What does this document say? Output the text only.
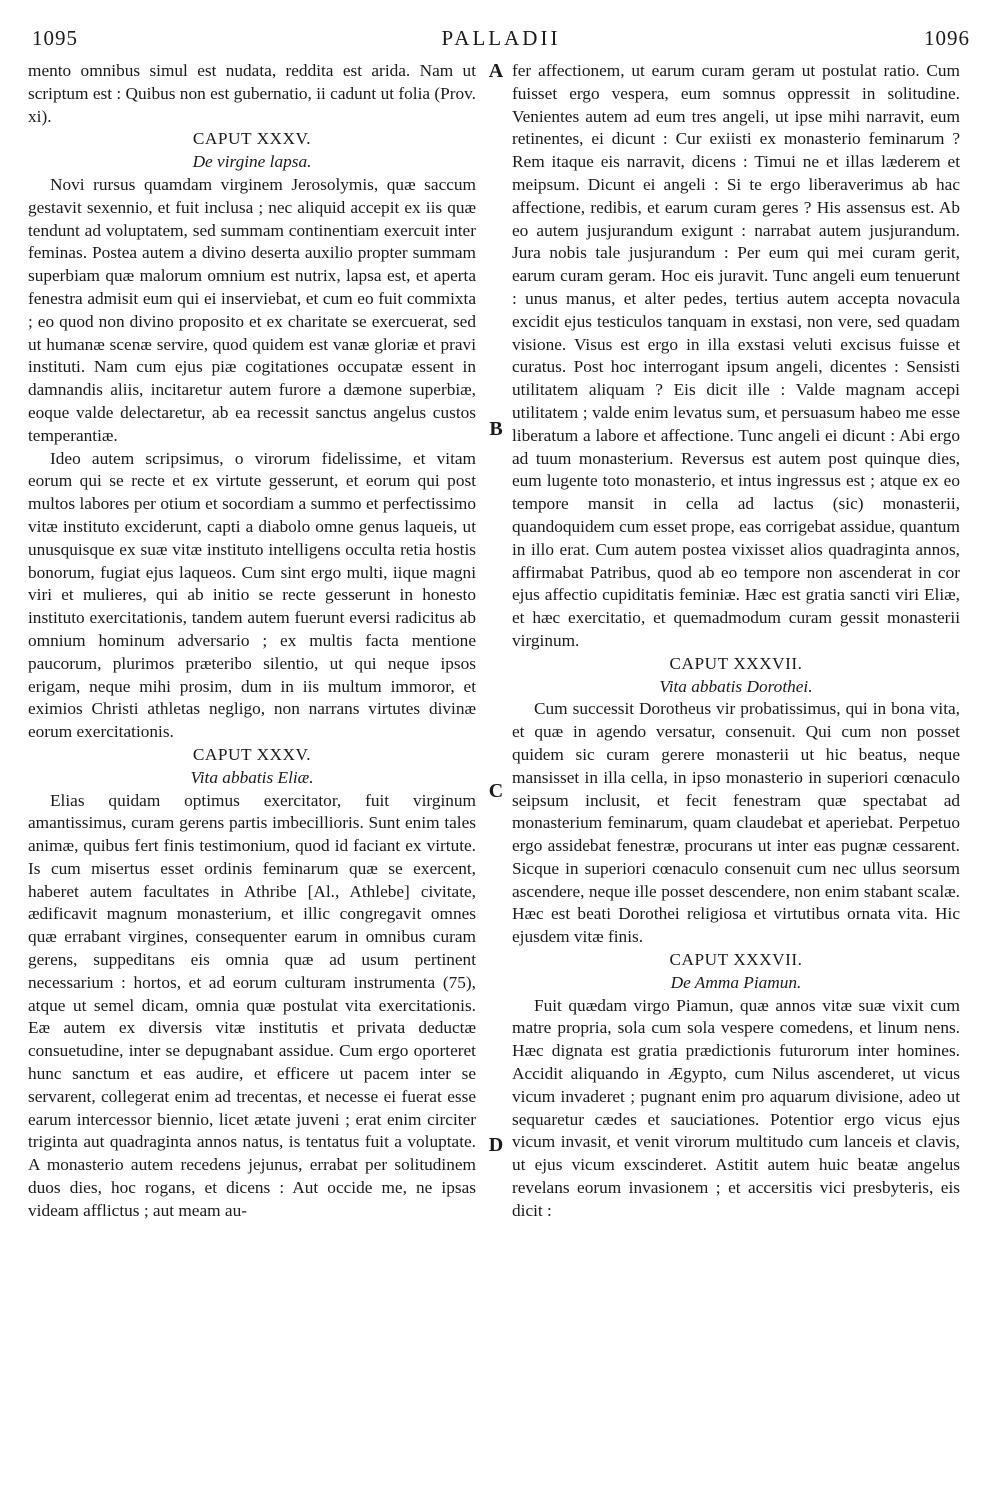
1095	PALLADII	1096
A
B
C
D

mento omnibus simul est nudata, reddita est arida. Nam ut scriptum est : Quibus non est gubernatio, ii cadunt ut folia (Prov. xi).

CAPUT XXXV.

De virgine lapsa.

Novi rursus quamdam virginem Jerosolymis, quæ saccum gestavit sexennio, et fuit inclusa ; nec aliquid accepit ex iis quæ tendunt ad voluptatem, sed summam continentiam exercuit inter feminas. Postea autem a divino deserta auxilio propter summam superbiam quæ malorum omnium est nutrix, lapsa est, et aperta fenestra admisit eum qui ei inserviebat, et cum eo fuit commixta ; eo quod non divino proposito et ex charitate se exercuerat, sed ut humanæ scenæ servire, quod quidem est vanæ gloriæ et pravi instituti. Nam cum ejus piæ cogitationes occupatæ essent in damnandis aliis, incitaretur autem furore a dæmone superbiæ, eoque valde delectaretur, ab ea recessit sanctus angelus custos temperantiæ.

Ideo autem scripsimus, o virorum fidelissime, et vitam eorum qui se recte et ex virtute gesserunt, et eorum qui post multos labores per otium et socordiam a summo et perfectissimo vitæ instituto exciderunt, capti a diabolo omne genus laqueis, ut unusquisque ex suæ vitæ instituto intelligens occulta retia hostis bonorum, fugiat ejus laqueos. Cum sint ergo multi, iique magni viri et mulieres, qui ab initio se recte gesserunt in honesto instituto exercitationis, tandem autem fuerunt eversi radicitus ab omnium hominum adversario ; ex multis facta mentione paucorum, plurimos præteribo silentio, ut qui neque ipsos erigam, neque mihi prosim, dum in iis multum immoror, et eximios Christi athletas negligo, non narrans virtutes divinæ eorum exercitationis.

CAPUT XXXV.

Vita abbatis Eliæ.

Elias quidam optimus exercitator, fuit virginum amantissimus, curam gerens partis imbecillioris. Sunt enim tales animæ, quibus fert finis testimonium, quod id faciant ex virtute. Is cum misertus esset ordinis feminarum quæ se exercent, haberet autem facultates in Athribe [Al., Athlebe] civitate, ædificavit magnum monasterium, et illic congregavit omnes quæ errabant virgines, consequenter earum in omnibus curam gerens, suppeditans eis omnia quæ ad usum pertinent necessarium : hortos, et ad eorum culturam instrumenta (75), atque ut semel dicam, omnia quæ postulat vita exercitationis. Eæ autem ex diversis vitæ institutis et privata deductæ consuetudine, inter se depugnabant assidue. Cum ergo oporteret hunc sanctum et eas audire, et efficere ut pacem inter se servarent, collegerat enim ad trecentas, et necesse ei fuerat esse earum intercessor biennio, licet ætate juveni ; erat enim circiter triginta aut quadraginta annos natus, is tentatus fuit a voluptate. A monasterio autem recedens jejunus, errabat per solitudinem duos dies, hoc rogans, et dicens : Aut occide me, ne ipsas videam afflictus ; aut meam au-

fer affectionem, ut earum curam geram ut postulat ratio. Cum fuisset ergo vespera, eum somnus oppressit in solitudine. Venientes autem ad eum tres angeli, ut ipse mihi narravit, eum retinentes, ei dicunt : Cur exiisti ex monasterio feminarum ? Rem itaque eis narravit, dicens : Timui ne et illas læderem et meipsum. Dicunt ei angeli : Si te ergo liberaverimus ab hac affectione, redibis, et earum curam geres ? His assensus est. Ab eo autem jusjurandum exigunt : narrabat autem jusjurandum. Jura nobis tale jusjurandum : Per eum qui mei curam gerit, earum curam geram. Hoc eis juravit. Tunc angeli eum tenuerunt : unus manus, et alter pedes, tertius autem accepta novacula excidit ejus testiculos tanquam in exstasi, non vere, sed quadam visione. Visus est ergo in illa exstasi veluti excisus fuisse et curatus. Post hoc interrogant ipsum angeli, dicentes : Sensisti utilitatem aliquam ? Eis dicit ille : Valde magnam accepi utilitatem ; valde enim levatus sum, et persuasum habeo me esse liberatum a labore et affectione. Tunc angeli ei dicunt : Abi ergo ad tuum monasterium. Reversus est autem post quinque dies, eum lugente toto monasterio, et intus ingressus est ; atque ex eo tempore mansit in cella ad lactus (sic) monasterii, quandoquidem cum esset prope, eas corrigebat assidue, quantum in illo erat. Cum autem postea vixisset alios quadraginta annos, affirmabat Patribus, quod ab eo tempore non ascenderat in cor ejus affectio cupiditatis feminiæ. Hæc est gratia sancti viri Eliæ, et hæc exercitatio, et quemadmodum curam gessit monasterii virginum.

CAPUT XXXVII.

Vita abbatis Dorothei.

Cum successit Dorotheus vir probatissimus, qui in bona vita, et quæ in agendo versatur, consenuit. Qui cum non posset quidem sic curam gerere monasterii ut hic beatus, neque mansisset in illa cella, in ipso monasterio in superiori cœnaculo seipsum inclusit, et fecit fenestram quæ spectabat ad monasterium feminarum, quam claudebat et aperiebat. Perpetuo ergo assidebat fenestræ, procurans ut inter eas pugnæ cessarent. Sicque in superiori cœnaculo consenuit cum nec ullus seorsum ascendere, neque ille posset descendere, non enim stabant scalæ. Hæc est beati Dorothei religiosa et virtutibus ornata vita. Hic ejusdem vitæ finis.

CAPUT XXXVII.

De Amma Piamun.

Fuit quædam virgo Piamun, quæ annos vitæ suæ vixit cum matre propria, sola cum sola vespere comedens, et linum nens. Hæc dignata est gratia prædictionis futurorum inter homines. Accidit aliquando in Ægypto, cum Nilus ascenderet, ut vicus vicum invaderet ; pugnant enim pro aquarum divisione, adeo ut sequaretur cædes et sauciationes. Potentior ergo vicus ejus vicum invasit, et venit virorum multitudo cum lanceis et clavis, ut ejus vicum exscinderet. Astitit autem huic beatæ angelus revelans eorum invasionem ; et accersitis vici presbyteris, eis dicit :
